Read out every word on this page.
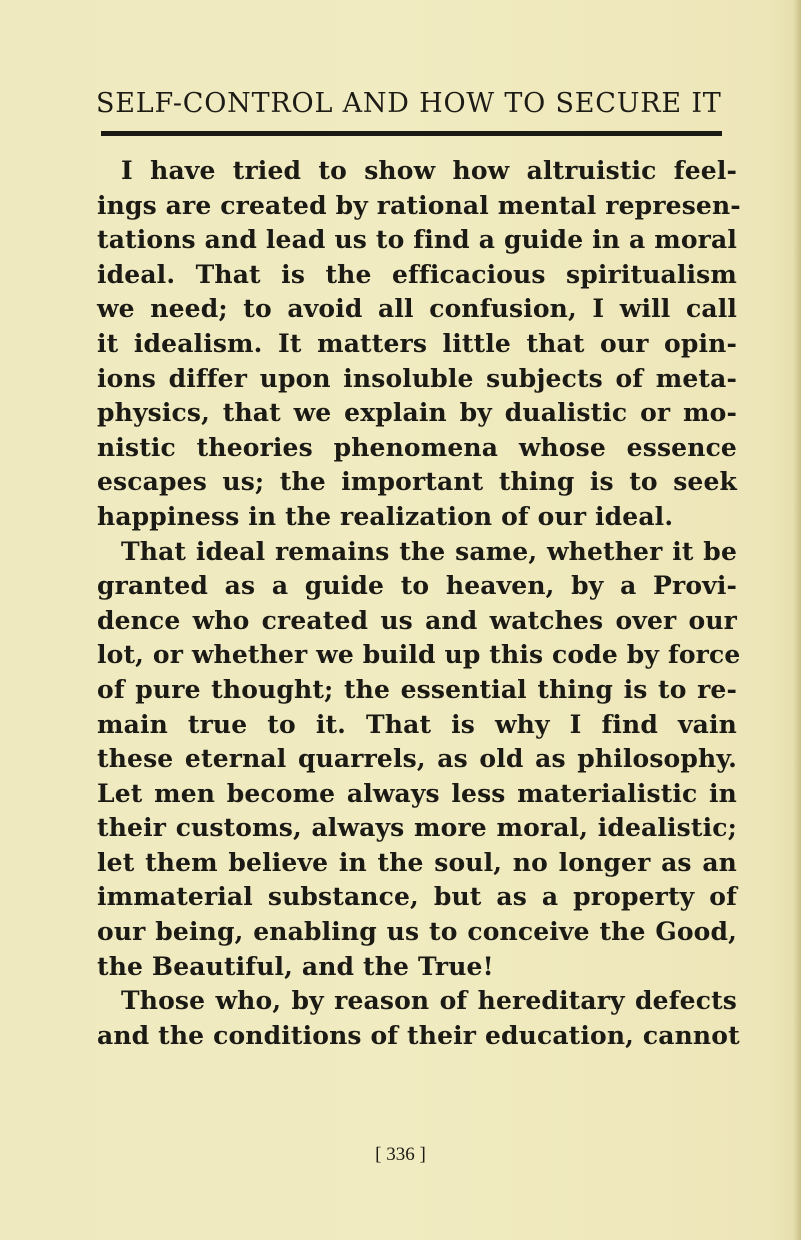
SELF-CONTROL AND HOW TO SECURE IT
I have tried to show how altruistic feel-
ings are created by rational mental represen-
tations and lead us to find a guide in a moral
ideal. That is the efficacious spiritualism
we need; to avoid all confusion, I will call
it idealism. It matters little that our opin-
ions differ upon insoluble subjects of meta-
physics, that we explain by dualistic or mo-
nistic theories phenomena whose essence
escapes us; the important thing is to seek
happiness in the realization of our ideal.
That ideal remains the same, whether it be
granted as a guide to heaven, by a Provi-
dence who created us and watches over our
lot, or whether we build up this code by force
of pure thought; the essential thing is to re-
main true to it. That is why I find vain
these eternal quarrels, as old as philosophy.
Let men become always less materialistic in
their customs, always more moral, idealistic;
let them believe in the soul, no longer as an
immaterial substance, but as a property of
our being, enabling us to conceive the Good,
the Beautiful, and the True!
Those who, by reason of hereditary defects
and the conditions of their education, cannot
[ 336 ]
